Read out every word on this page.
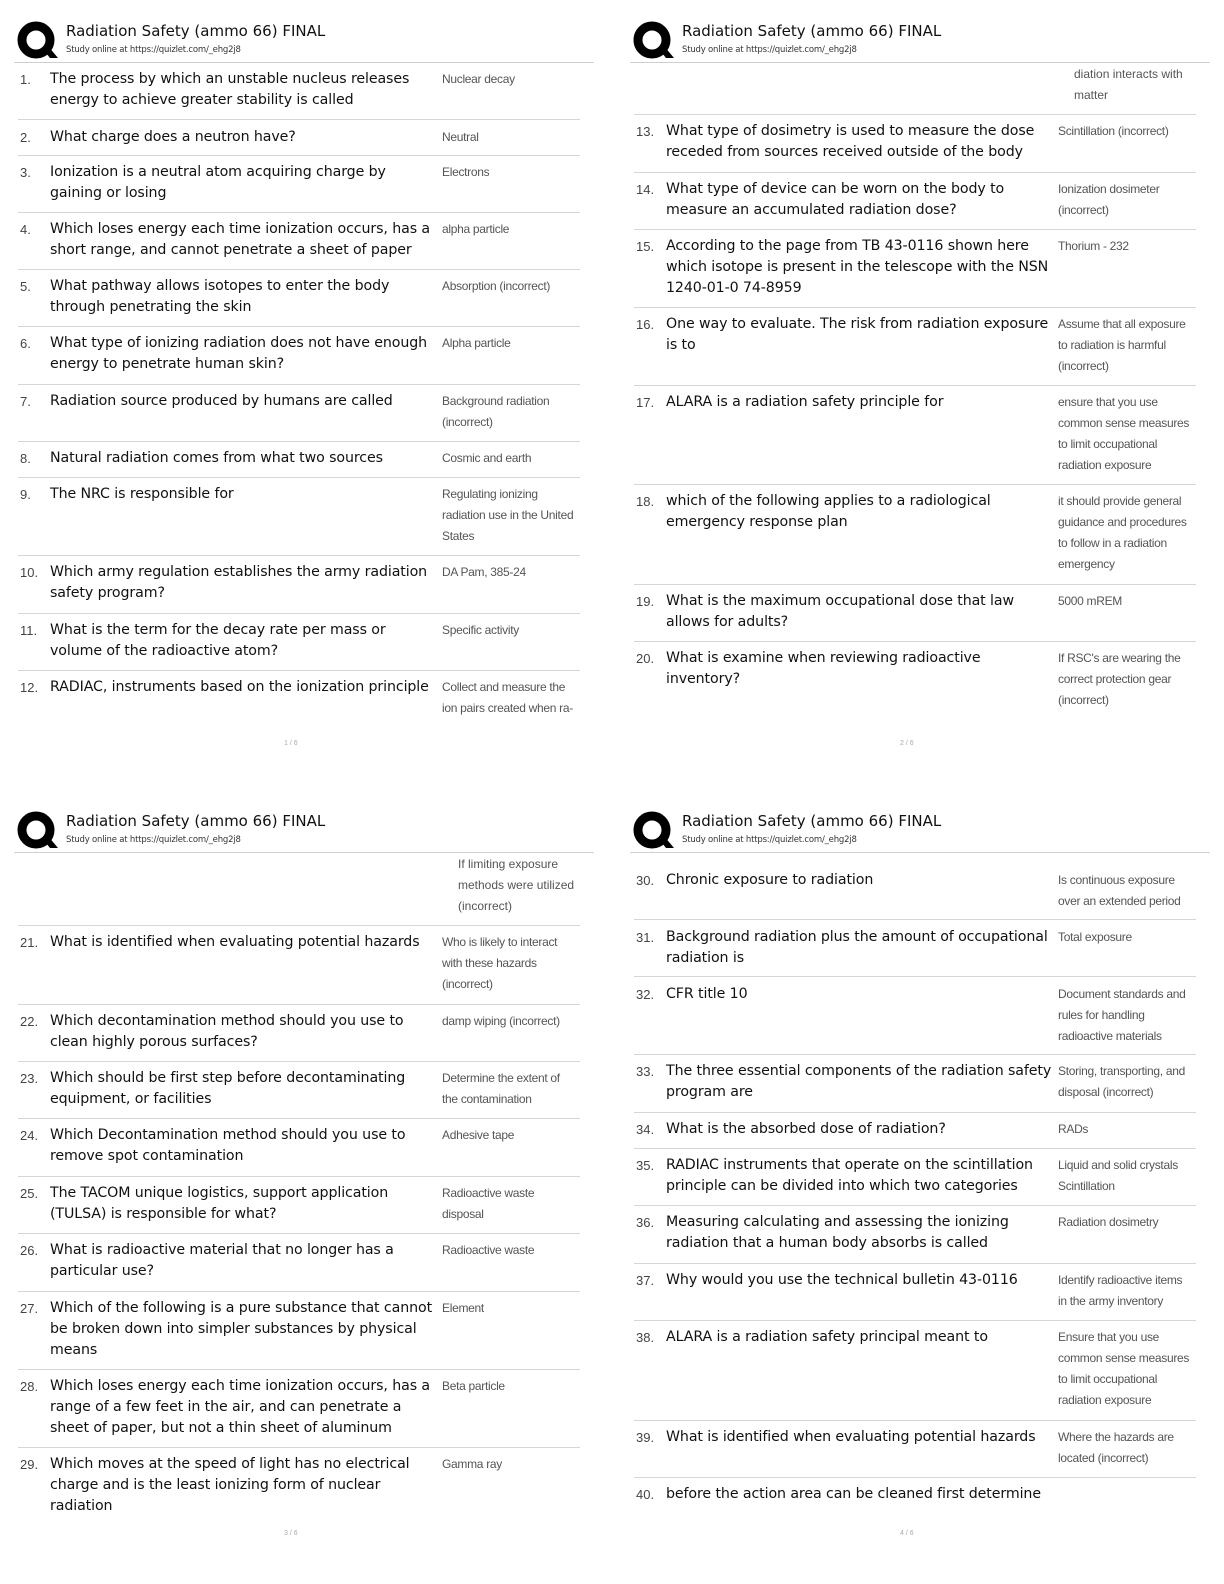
Radiation Safety (ammo 66) FINAL
Study online at https://quizlet.com/_ehg2j8
1. The process by which an unstable nucleus releases energy to achieve greater stability is called
Nuclear decay
2. What charge does a neutron have?	Neutral
3. Ionization is a neutral atom acquiring charge by gaining or losing
Electrons
4. Which loses energy each time ionization occurs, has a short range, and cannot penetrate a sheet of paper
alpha particle
5. What pathway allows isotopes to enter the body through penetrating the skin
Absorption (incorrect)
6. What type of ionizing radiation does not have enough energy to penetrate human skin?
Alpha particle
7. Radiation source produced by humans are called	Background radiation (incorrect)
8. Natural radiation comes from what two sources	Cosmic and earth
9. The NRC is responsible for	Regulating ionizing radiation use in the United States
10. Which army regulation establishes the army radiation safety program?
DA Pam, 385-24
11. What is the term for the decay rate per mass or volume of the radioactive atom?
Specific activity
12. RADIAC, instruments based on the ionization principle	Collect and measure the ion pairs created when ra-
1 / 6
Radiation Safety (ammo 66) FINAL
Study online at https://quizlet.com/_ehg2j8
diation interacts with matter
13. What type of dosimetry is used to measure the dose receded from sources received outside of the body
Scintillation (incorrect)
14. What type of device can be worn on the body to measure an accumulated radiation dose?
Ionization dosimeter (incorrect)
15. According to the page from TB 43-0116 shown here which isotope is present in the telescope with the NSN 1240-01-0 74-8959
Thorium - 232
16. One way to evaluate. The risk from radiation exposure is to
Assume that all exposure to radiation is harmful (incorrect)
17. ALARA is a radiation safety principle for	ensure that you use common sense measures to limit occupational radiation exposure
18. which of the following applies to a radiological emergency response plan
it should provide general guidance and procedures to follow in a radiation emergency
19. What is the maximum occupational dose that law allows for adults?
5000 mREM
20. What is examine when reviewing radioactive inventory?
If RSC's are wearing the correct protection gear (incorrect)
2 / 6
Radiation Safety (ammo 66) FINAL
Study online at https://quizlet.com/_ehg2j8
If limiting exposure methods were utilized (incorrect)
21. What is identified when evaluating potential hazards	Who is likely to interact with these hazards (incorrect)
22. Which decontamination method should you use to clean highly porous surfaces?
damp wiping (incorrect)
23. Which should be first step before decontaminating equipment, or facilities
Determine the extent of the contamination
24. Which Decontamination method should you use to remove spot contamination
Adhesive tape
25. The TACOM unique logistics, support application (TULSA) is responsible for what?
Radioactive waste disposal
26. What is radioactive material that no longer has a particular use?
Radioactive waste
27. Which of the following is a pure substance that cannot be broken down into simpler substances by physical means
Element
28. Which loses energy each time ionization occurs, has a range of a few feet in the air, and can penetrate a sheet of paper, but not a thin sheet of aluminum
Beta particle
29. Which moves at the speed of light has no electrical charge and is the least ionizing form of nuclear radiation
Gamma ray
3 / 6
Radiation Safety (ammo 66) FINAL
Study online at https://quizlet.com/_ehg2j8
30. Chronic exposure to radiation	Is continuous exposure over an extended period
31. Background radiation plus the amount of occupational radiation is
Total exposure
32. CFR title 10	Document standards and rules for handling radioactive materials
33. The three essential components of the radiation safety program are
Storing, transporting, and disposal (incorrect)
34. What is the absorbed dose of radiation?	RADs
35. RADIAC instruments that operate on the scintillation principle can be divided into which two categories
Liquid and solid crystals Scintillation
36. Measuring calculating and assessing the ionizing radiation that a human body absorbs is called
Radiation dosimetry
37. Why would you use the technical bulletin 43-0116	Identify radioactive items in the army inventory
38. ALARA is a radiation safety principal meant to	Ensure that you use common sense measures to limit occupational radiation exposure
39. What is identified when evaluating potential hazards	Where the hazards are located (incorrect)
40. before the action area can be cleaned first determine
4 / 6
